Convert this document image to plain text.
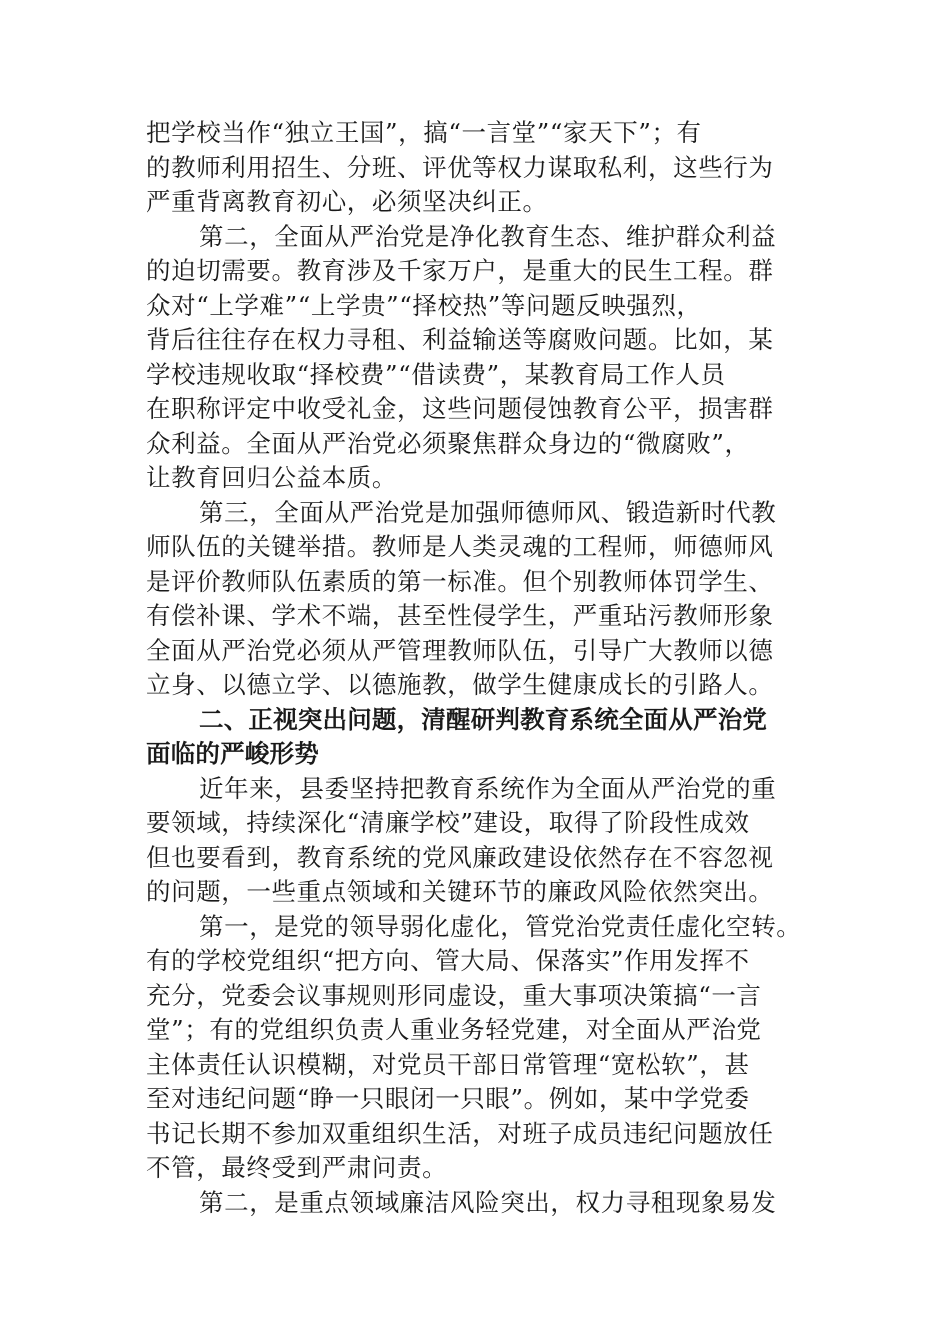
把学校当作“独立王国”，搞“一言堂”“家天下”；有
的教师利用招生、分班、评优等权力谋取私利，这些行为
严重背离教育初心，必须坚决纠正。
第二，全面从严治党是净化教育生态、维护群众利益
的迫切需要。教育涉及千家万户，是重大的民生工程。群
众对“上学难”“上学贵”“择校热”等问题反映强烈，
背后往往存在权力寻租、利益输送等腐败问题。比如，某
学校违规收取“择校费”“借读费”，某教育局工作人员
在职称评定中收受礼金，这些问题侵蚀教育公平，损害群
众利益。全面从严治党必须聚焦群众身边的“微腐败”，
让教育回归公益本质。
第三，全面从严治党是加强师德师风、锻造新时代教
师队伍的关键举措。教师是人类灵魂的工程师，师德师风
是评价教师队伍素质的第一标准。但个别教师体罚学生、
有偿补课、学术不端，甚至性侵学生，严重玷污教师形象
全面从严治党必须从严管理教师队伍，引导广大教师以德
立身、以德立学、以德施教，做学生健康成长的引路人。
二、正视突出问题，清醒研判教育系统全面从严治党
面临的严峻形势
近年来，县委坚持把教育系统作为全面从严治党的重
要领域，持续深化“清廉学校”建设，取得了阶段性成效
但也要看到，教育系统的党风廉政建设依然存在不容忽视
的问题，一些重点领域和关键环节的廉政风险依然突出。
第一，是党的领导弱化虚化，管党治党责任虚化空转。
有的学校党组织“把方向、管大局、保落实”作用发挥不
充分，党委会议事规则形同虚设，重大事项决策搞“一言
堂”；有的党组织负责人重业务轻党建，对全面从严治党
主体责任认识模糊，对党员干部日常管理“宽松软”，甚
至对违纪问题“睁一只眼闭一只眼”。例如，某中学党委
书记长期不参加双重组织生活，对班子成员违纪问题放任
不管，最终受到严肃问责。
第二，是重点领域廉洁风险突出，权力寻租现象易发
